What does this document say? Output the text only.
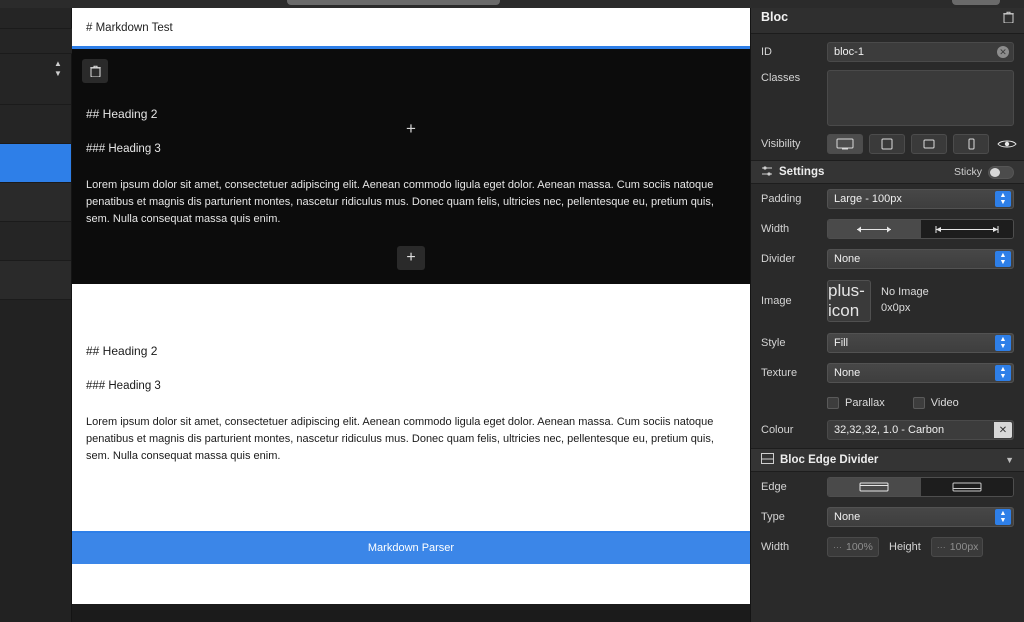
▲
▼
# Markdown Test
+
## Heading 2
### Heading 3

Lorem ipsum dolor sit amet, consectetuer adipiscing elit. Aenean commodo ligula eget dolor. Aenean massa. Cum sociis natoque penatibus et magnis dis parturient montes, nascetur ridiculus mus. Donec quam felis, ultricies nec, pellentesque eu, pretium quis, sem. Nulla consequat massa quis enim.

+
## Heading 2
### Heading 3

Lorem ipsum dolor sit amet, consectetuer adipiscing elit. Aenean commodo ligula eget dolor. Aenean massa. Cum sociis natoque penatibus et magnis dis parturient montes, nascetur ridiculus mus. Donec quam felis, ultricies nec, pellentesque eu, pretium quis, sem. Nulla consequat massa quis enim.

Markdown Parser
Bloc
ID	bloc-1	✕
Classes
Visibility
Settings	Sticky
Padding	Large - 100px	▲
▼
Width
Divider	None	▲
▼
Image
plus-icon
No Image
0x0px
Style	Fill	▲
▼
Texture	None	▲
▼
Parallax	Video
Colour	32,32,32, 1.0 - Carbon	✕
Bloc Edge Divider	▼
Edge
Type	None	▲
▼
Width	⋯ 100% Height ⋯ 100px
